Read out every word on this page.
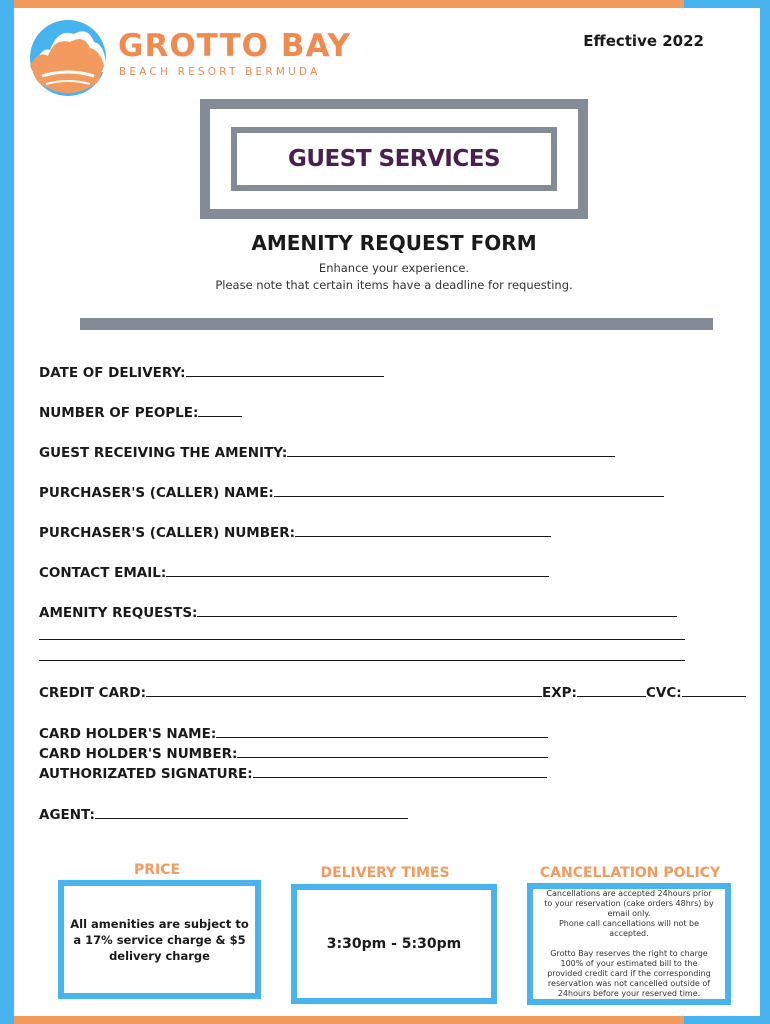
GROTTO BAY
BEACH RESORT BERMUDA
Effective 2022
GUEST SERVICES
AMENITY REQUEST FORM
Enhance your experience.
Please note that certain items have a deadline for requesting.
DATE OF DELIVERY:
NUMBER OF PEOPLE:
GUEST RECEIVING THE AMENITY:
PURCHASER'S (CALLER) NAME:
PURCHASER'S (CALLER) NUMBER:
CONTACT EMAIL:
AMENITY REQUESTS:
CREDIT CARD:	EXP:	CVC:
CARD HOLDER'S NAME:
CARD HOLDER'S NUMBER:
AUTHORIZATED SIGNATURE:
AGENT:
PRICE
All amenities are subject to a 17% service charge & $5 delivery charge
DELIVERY TIMES
3:30pm - 5:30pm
CANCELLATION POLICY
Cancellations are accepted 24hours prior to your reservation (cake orders 48hrs) by email only.
Phone call cancellations will not be accepted.
Grotto Bay reserves the right to charge 100% of your estimated bill to the provided credit card if the corresponding reservation was not cancelled outside of 24hours before your reserved time.
